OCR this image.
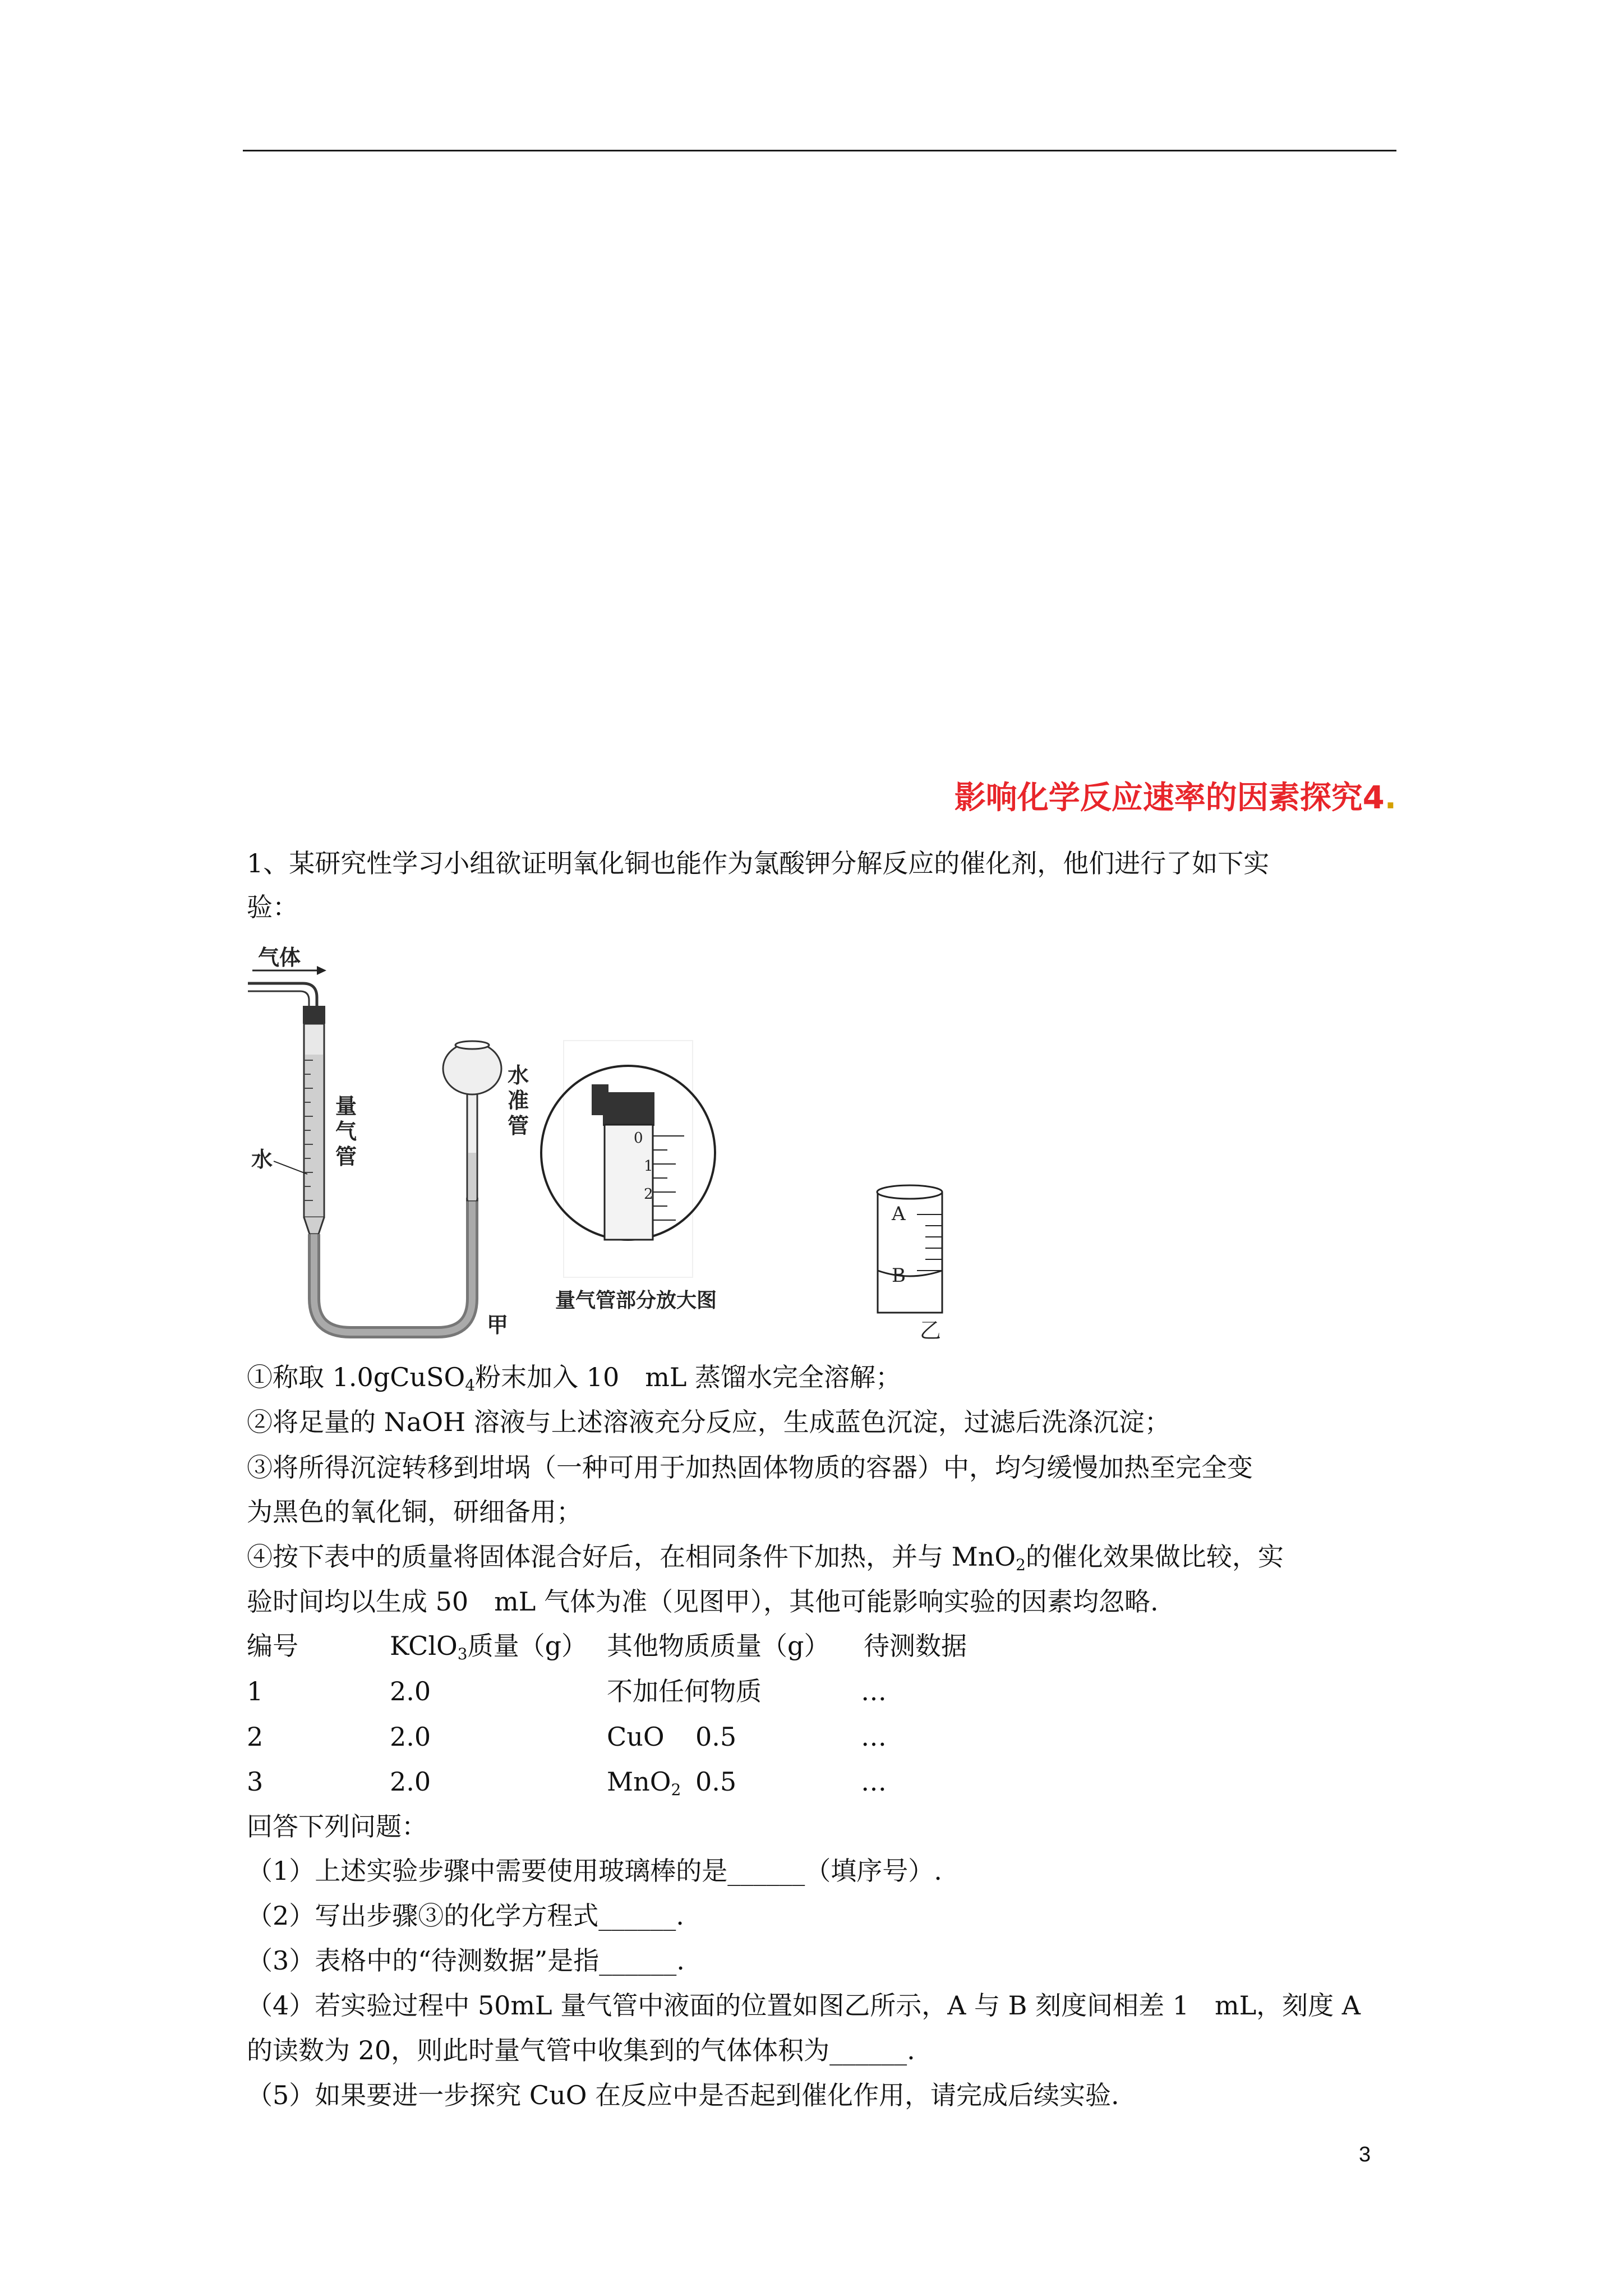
影响化学反应速率的因素探究4.
1、某研究性学习小组欲证明氧化铜也能作为氯酸钾分解反应的催化剂，他们进行了如下实
验：
气体
水
量
气
管
水
准
管
甲
0
1
2
量气管部分放大图
A
B
乙
①称取 1.0gCuSO$_4$粉末加入 10　mL 蒸馏水完全溶解；
②将足量的 NaOH 溶液与上述溶液充分反应，生成蓝色沉淀，过滤后洗涤沉淀；
③将所得沉淀转移到坩埚（一种可用于加热固体物质的容器）中，均匀缓慢加热至完全变
为黑色的氧化铜，研细备用；
④按下表中的质量将固体混合好后，在相同条件下加热，并与 MnO$_2$的催化效果做比较，实
验时间均以生成 50　mL 气体为准（见图甲），其他可能影响实验的因素均忽略.
编号	KClO$_3$质量（g） 其他物质质量（g） 待测数据
1	2.0	不加任何物质	…
2	2.0	CuO 0.5	…
3	2.0	MnO$_2$ 0.5	…
回答下列问题：
（1）上述实验步骤中需要使用玻璃棒的是______（填序号）.
（2）写出步骤③的化学方程式______.
（3）表格中的“待测数据”是指______.
（4）若实验过程中 50mL 量气管中液面的位置如图乙所示，A 与 B 刻度间相差 1　mL，刻度 A
的读数为 20，则此时量气管中收集到的气体体积为______.
（5）如果要进一步探究 CuO 在反应中是否起到催化作用，请完成后续实验.
3
